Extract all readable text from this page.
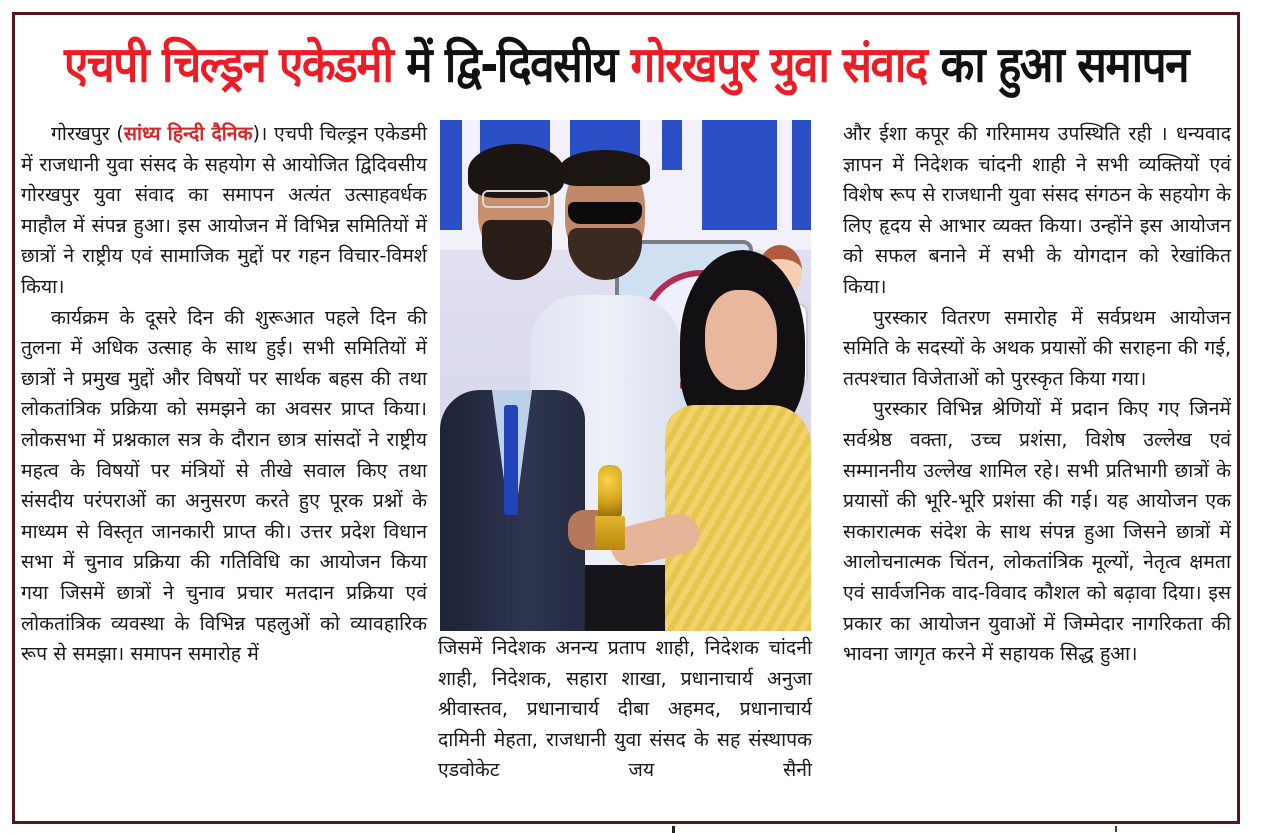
एचपी चिल्ड्रन एकेडमी में द्वि-दिवसीय गोरखपुर युवा संवाद का हुआ समापन

गोरखपुर (सांध्य हिन्दी दैनिक)। एचपी चिल्ड्रन एकेडमी में राजधानी युवा संसद के सहयोग से आयोजित द्विदिवसीय गोरखपुर युवा संवाद का समापन अत्यंत उत्साहवर्धक माहौल में संपन्न हुआ। इस आयोजन में विभिन्न समितियों में छात्रों ने राष्ट्रीय एवं सामाजिक मुद्दों पर गहन विचार-विमर्श किया।

कार्यक्रम के दूसरे दिन की शुरूआत पहले दिन की तुलना में अधिक उत्साह के साथ हुई। सभी समितियों में छात्रों ने प्रमुख मुद्दों और विषयों पर सार्थक बहस की तथा लोकतांत्रिक प्रक्रिया को समझने का अवसर प्राप्त किया। लोकसभा में प्रश्नकाल सत्र के दौरान छात्र सांसदों ने राष्ट्रीय महत्व के विषयों पर मंत्रियों से तीखे सवाल किए तथा संसदीय परंपराओं का अनुसरण करते हुए पूरक प्रश्नों के माध्यम से विस्तृत जानकारी प्राप्त की। उत्तर प्रदेश विधान सभा में चुनाव प्रक्रिया की गतिविधि का आयोजन किया गया जिसमें छात्रों ने चुनाव प्रचार मतदान प्रक्रिया एवं लोकतांत्रिक व्यवस्था के विभिन्न पहलुओं को व्यावहारिक रूप से समझा। समापन समारोह में	जिसमें निदेशक अनन्य प्रताप शाही, निदेशक चांदनी शाही, निदेशक, सहारा शाखा, प्रधानाचार्य अनुजा श्रीवास्तव, प्रधानाचार्य दीबा अहमद, प्रधानाचार्य दामिनी मेहता, राजधानी युवा संसद के सह संस्थापक एडवोकेट जय सैनी

और ईशा कपूर की गरिमामय उपस्थिति रही । धन्यवाद ज्ञापन में निदेशक चांदनी शाही ने सभी व्यक्तियों एवं विशेष रूप से राजधानी युवा संसद संगठन के सहयोग के लिए हृदय से आभार व्यक्त किया। उन्होंने इस आयोजन को सफल बनाने में सभी के योगदान को रेखांकित किया।

पुरस्कार वितरण समारोह में सर्वप्रथम आयोजन समिति के सदस्यों के अथक प्रयासों की सराहना की गई, तत्पश्चात विजेताओं को पुरस्कृत किया गया।

पुरस्कार विभिन्न श्रेणियों में प्रदान किए गए जिनमें सर्वश्रेष्ठ वक्ता, उच्च प्रशंसा, विशेष उल्लेख एवं सम्माननीय उल्लेख शामिल रहे। सभी प्रतिभागी छात्रों के प्रयासों की भूरि-भूरि प्रशंसा की गई। यह आयोजन एक सकारात्मक संदेश के साथ संपन्न हुआ जिसने छात्रों में आलोचनात्मक चिंतन, लोकतांत्रिक मूल्यों, नेतृत्व क्षमता एवं सार्वजनिक वाद-विवाद कौशल को बढ़ावा दिया। इस प्रकार का आयोजन युवाओं में जिम्मेदार नागरिकता की भावना जागृत करने में सहायक सिद्ध हुआ।
